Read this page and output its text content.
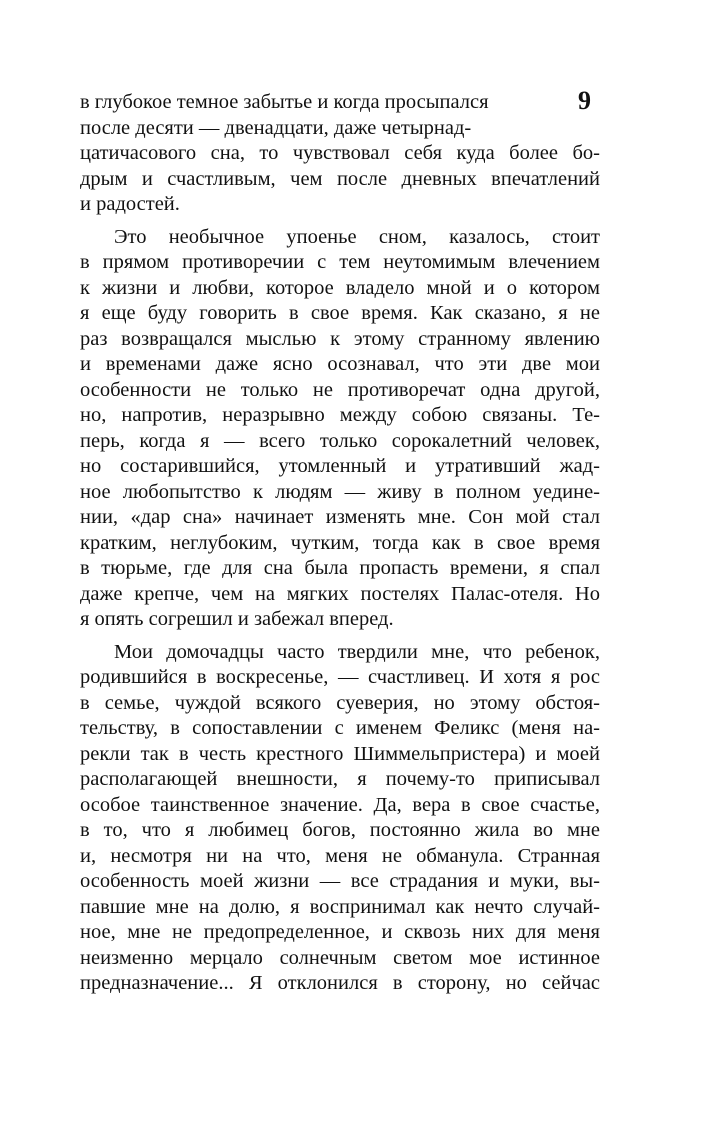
9
в глубокое темное забытье и когда просыпался
после десяти — двенадцати, даже четырнад-
цатичасового сна, то чувствовал себя куда более бо-
дрым и счастливым, чем после дневных впечатлений
и радостей.
Это необычное упоенье сном, казалось, стоит
в прямом противоречии с тем неутомимым влечением
к жизни и любви, которое владело мной и о котором
я еще буду говорить в свое время. Как сказано, я не
раз возвращался мыслью к этому странному явлению
и временами даже ясно осознавал, что эти две мои
особенности не только не противоречат одна другой,
но, напротив, неразрывно между собою связаны. Те-
перь, когда я — всего только сорокалетний человек,
но состарившийся, утомленный и утративший жад-
ное любопытство к людям — живу в полном уедине-
нии, «дар сна» начинает изменять мне. Сон мой стал
кратким, неглубоким, чутким, тогда как в свое время
в тюрьме, где для сна была пропасть времени, я спал
даже крепче, чем на мягких постелях Палас-отеля. Но
я опять согрешил и забежал вперед.
Мои домочадцы часто твердили мне, что ребенок,
родившийся в воскресенье, — счастливец. И хотя я рос
в семье, чуждой всякого суеверия, но этому обстоя-
тельству, в сопоставлении с именем Феликс (меня на-
рекли так в честь крестного Шиммельпристера) и моей
располагающей внешности, я почему-то приписывал
особое таинственное значение. Да, вера в свое счастье,
в то, что я любимец богов, постоянно жила во мне
и, несмотря ни на что, меня не обманула. Странная
особенность моей жизни — все страдания и муки, вы-
павшие мне на долю, я воспринимал как нечто случай-
ное, мне не предопределенное, и сквозь них для меня
неизменно мерцало солнечным светом мое истинное
предназначение... Я отклонился в сторону, но сейчас
